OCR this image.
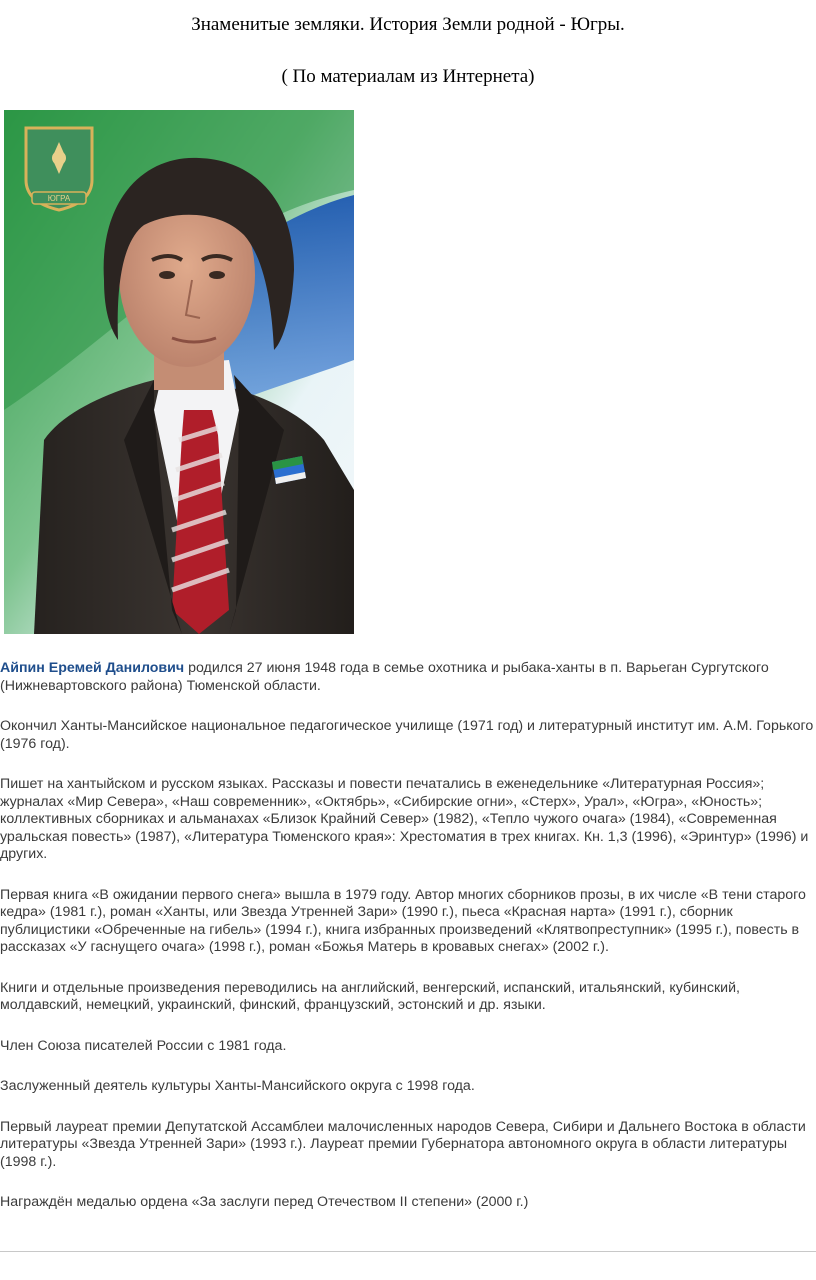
Знаменитые земляки. История Земли родной - Югры.
( По материалам из Интернета)
ЮГРА

Айпин Еремей Данилович родился 27 июня 1948 года в семье охотника и рыбака-ханты в п. Варьеган Сургутского (Нижневартовского района) Тюменской области.

Окончил Ханты-Мансийское национальное педагогическое училище (1971 год) и литературный институт им. А.М. Горького (1976 год).

Пишет на хантыйском и русском языках. Рассказы и повести печатались в еженедельнике «Литературная Россия»; журналах «Мир Севера», «Наш современник», «Октябрь», «Сибирские огни», «Стерх», Урал», «Югра», «Юность»; коллективных сборниках и альманахах «Близок Крайний Север» (1982), «Тепло чужого очага» (1984), «Современная уральская повесть» (1987), «Литература Тюменского края»: Хрестоматия в трех книгах. Кн. 1,3 (1996), «Эринтур» (1996) и других.

Первая книга «В ожидании первого снега» вышла в 1979 году. Автор многих сборников прозы, в их числе «В тени старого кедра» (1981 г.), роман «Ханты, или Звезда Утренней Зари» (1990 г.), пьеса «Красная нарта» (1991 г.), сборник публицистики «Обреченные на гибель» (1994 г.), книга избранных произведений «Клятвопреступник» (1995 г.), повесть в рассказах «У гаснущего очага» (1998 г.), роман «Божья Матерь в кровавых снегах» (2002 г.).

Книги и отдельные произведения переводились на английский, венгерский, испанский, итальянский, кубинский, молдавский, немецкий, украинский, финский, французский, эстонский и др. языки.

Член Союза писателей России с 1981 года.

Заслуженный деятель культуры Ханты-Мансийского округа с 1998 года.

Первый лауреат премии Депутатской Ассамблеи малочисленных народов Севера, Сибири и Дальнего Востока в области литературы «Звезда Утренней Зари» (1993 г.). Лауреат премии Губернатора автономного округа в области литературы (1998 г.).

Награждён медалью ордена «За заслуги перед Отечеством II степени» (2000 г.)
